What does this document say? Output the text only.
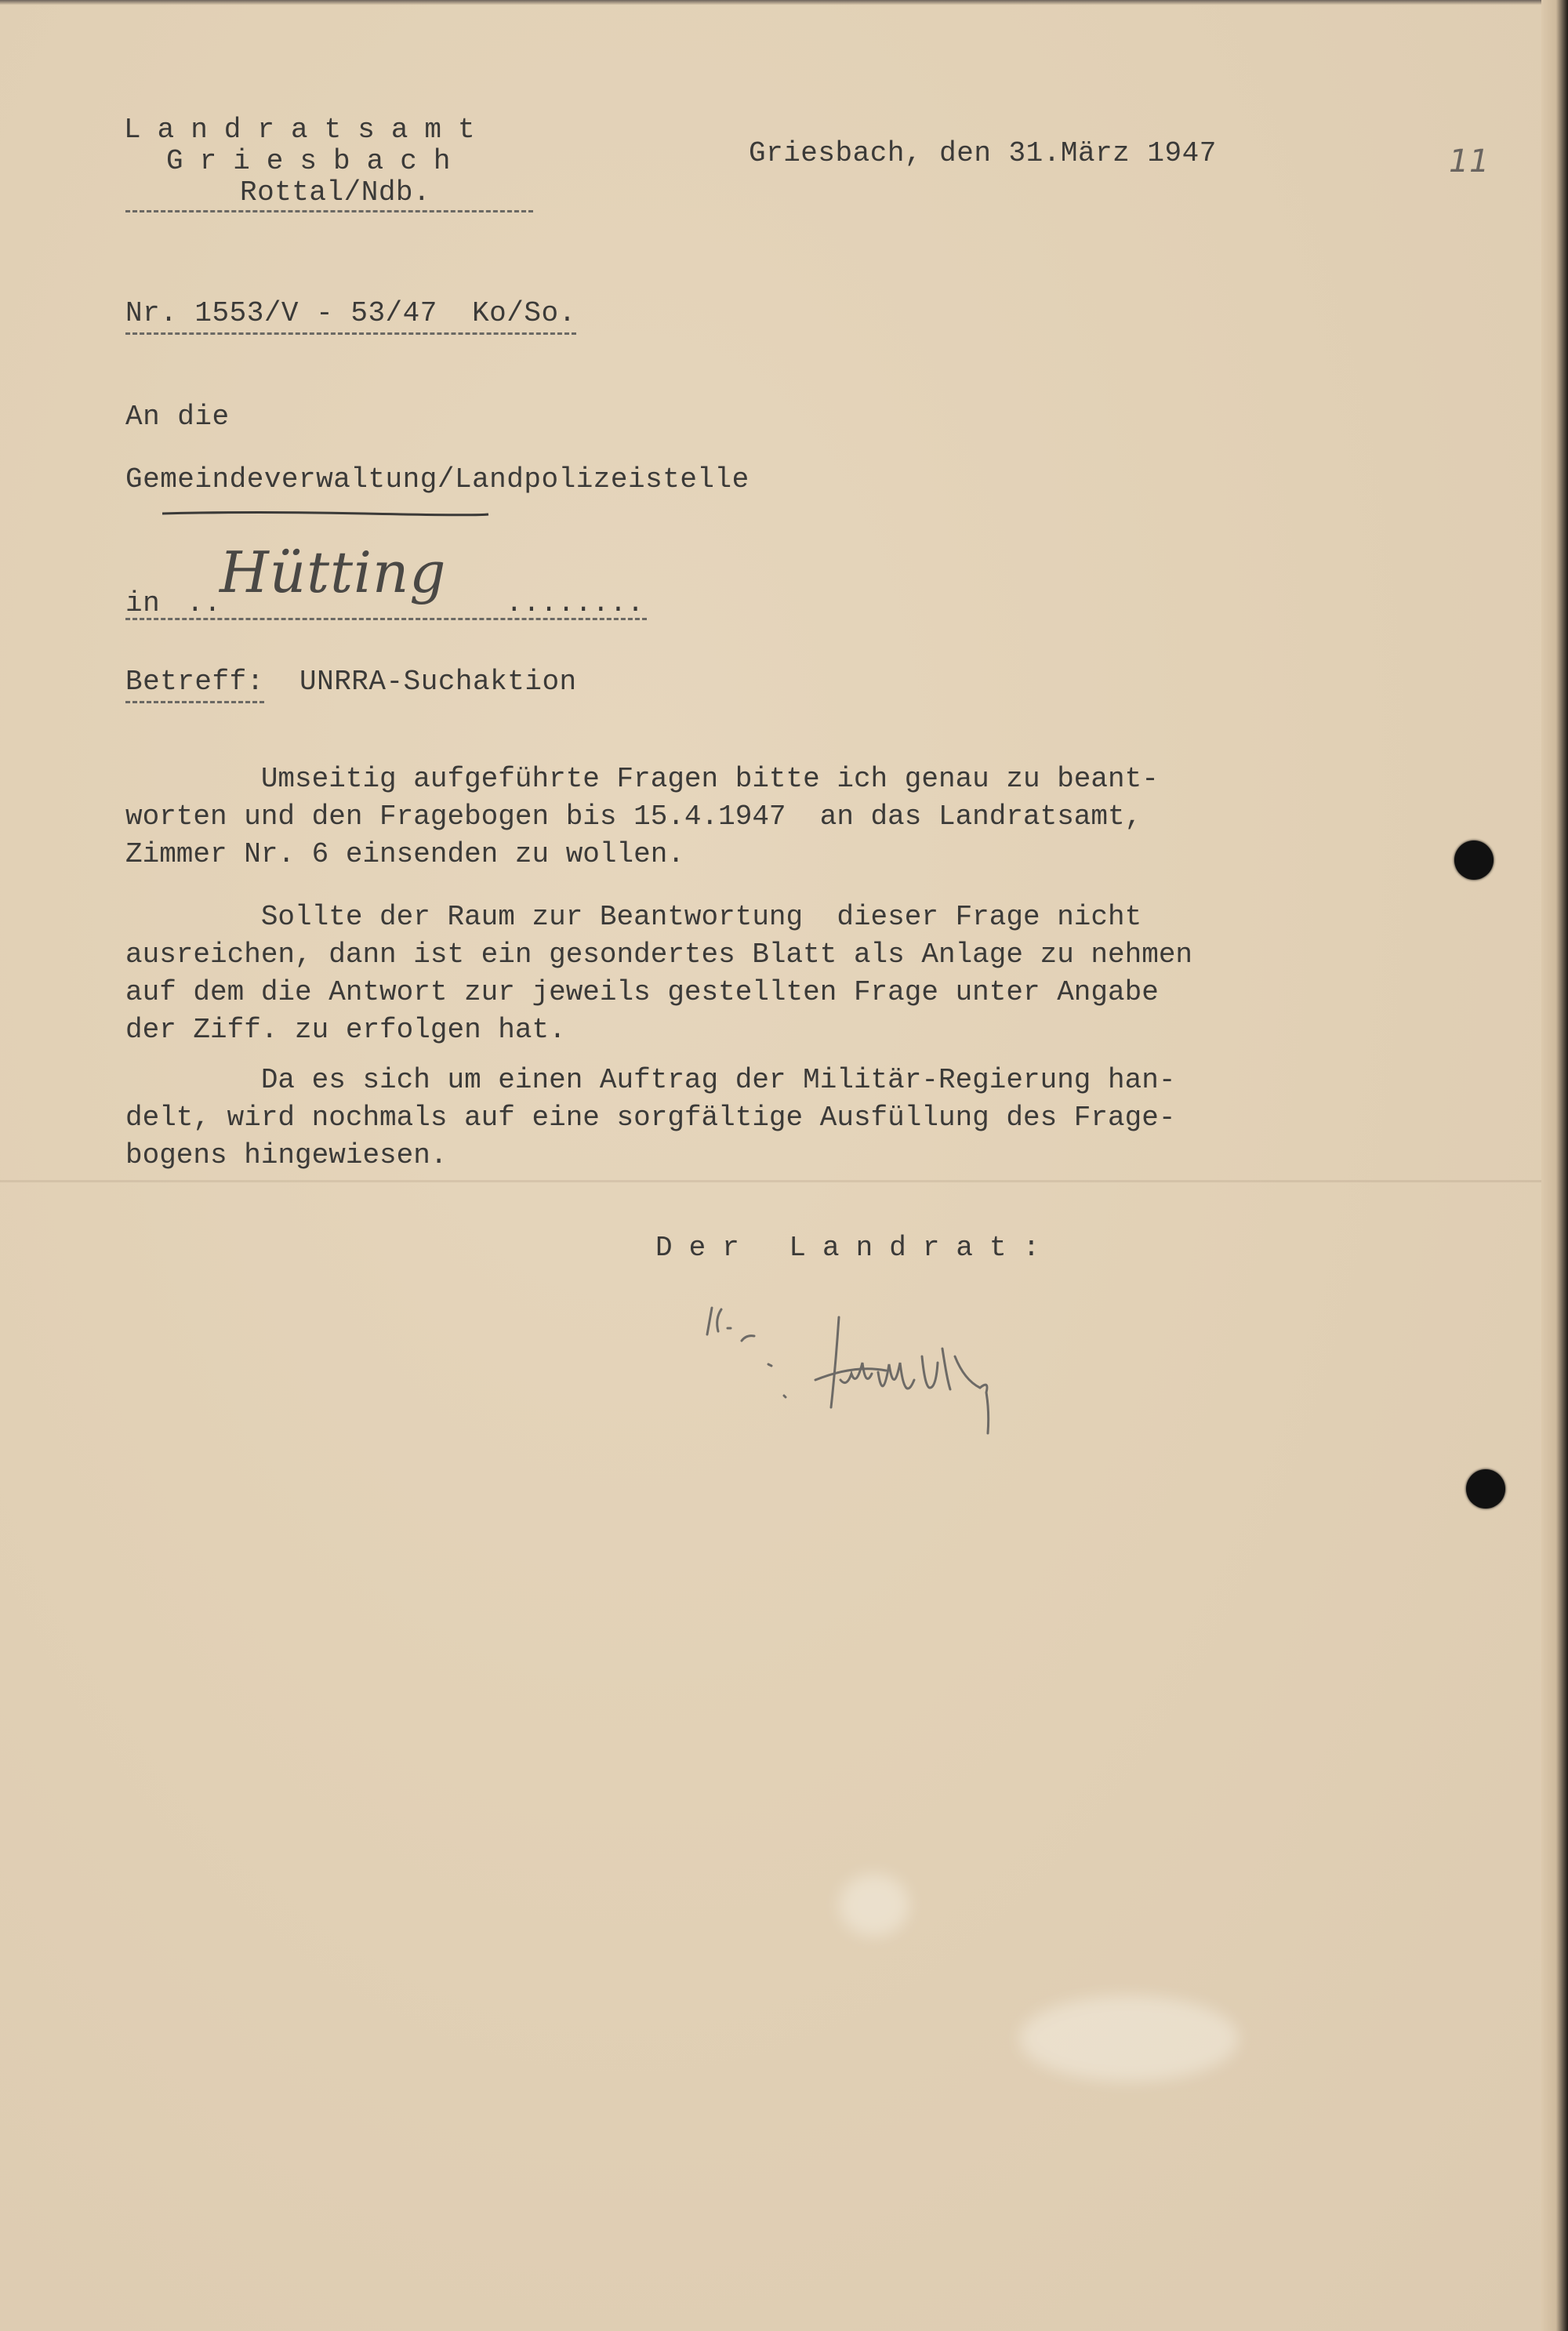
Landratsamt
Griesbach
Rottal/Ndb.
Griesbach, den 31.März 1947	11
Nr. 1553/V - 53/47  Ko/So.
An die
Gemeindeverwaltung/Landpolizeistelle
in ..	........
Hütting
Betreff: UNRRA-Suchaktion
Umseitig aufgeführte Fragen bitte ich genau zu beant-
worten und den Fragebogen bis 15.4.1947  an das Landratsamt,
Zimmer Nr. 6 einsenden zu wollen.
Sollte der Raum zur Beantwortung  dieser Frage nicht
ausreichen, dann ist ein gesondertes Blatt als Anlage zu nehmen
auf dem die Antwort zur jeweils gestellten Frage unter Angabe
der Ziff. zu erfolgen hat.
Da es sich um einen Auftrag der Militär-Regierung han-
delt, wird nochmals auf eine sorgfältige Ausfüllung des Frage-
bogens hingewiesen.
Der Landrat:
